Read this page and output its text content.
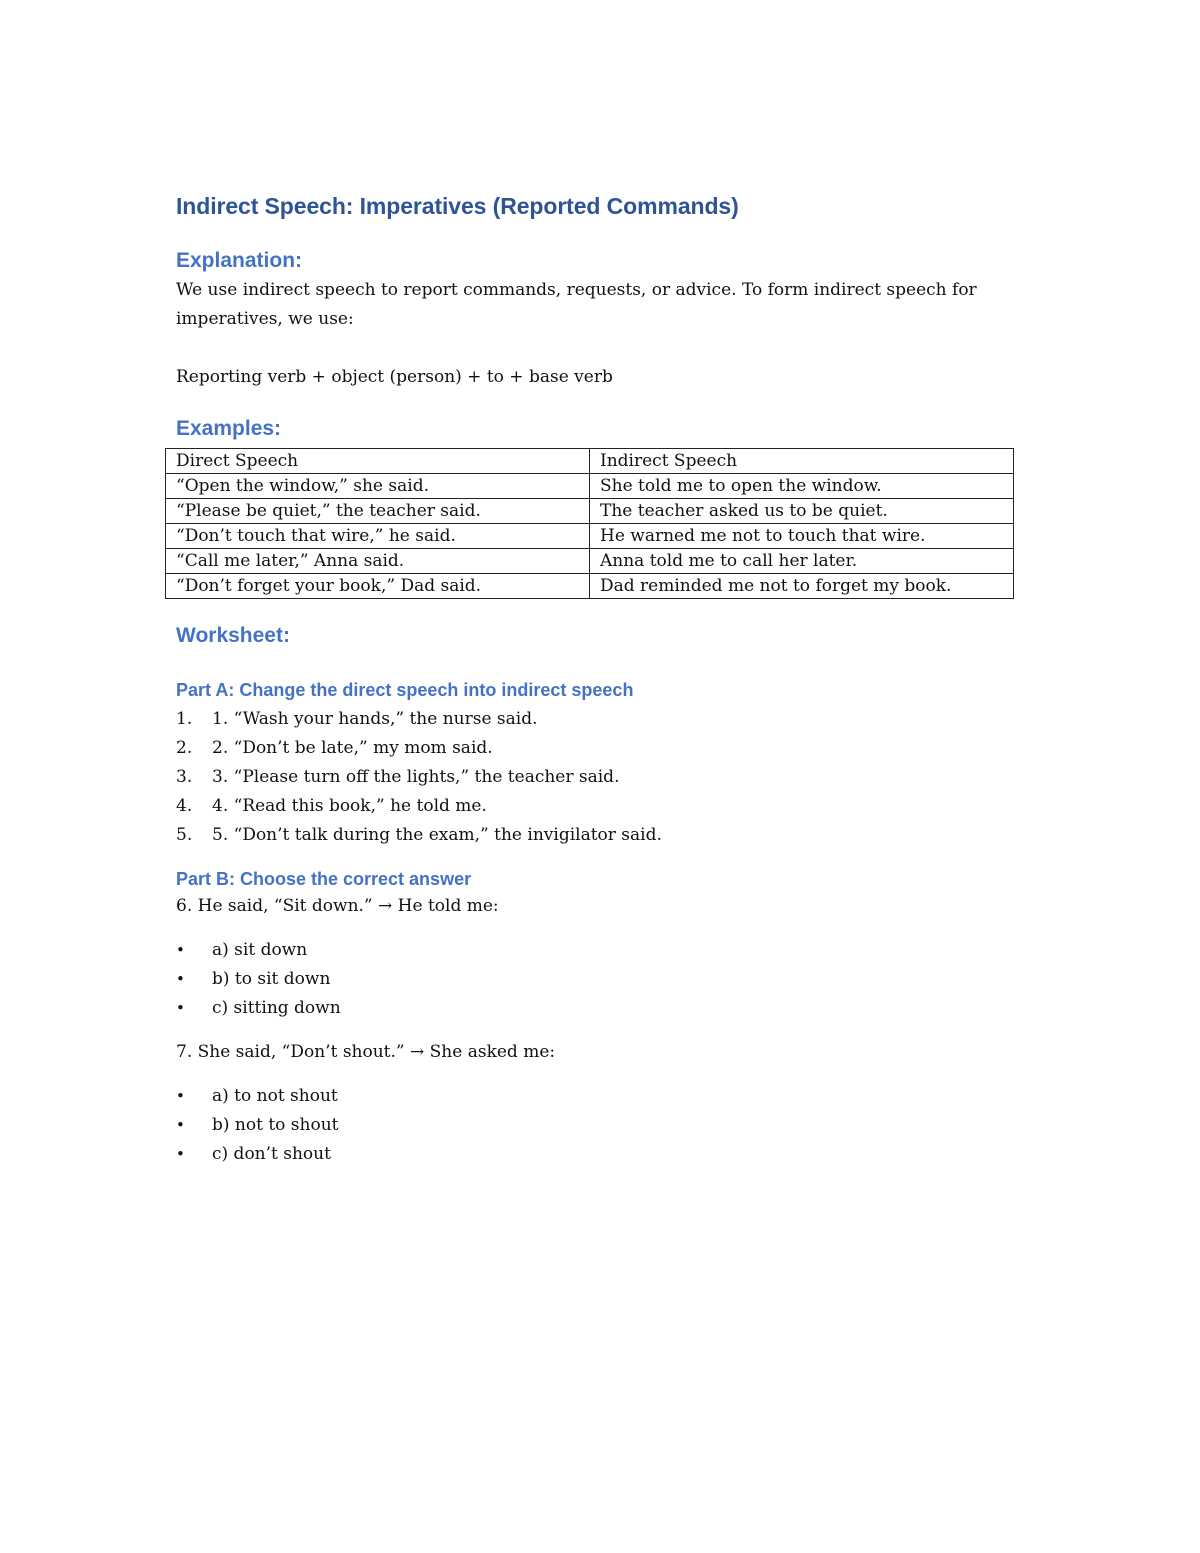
Indirect Speech: Imperatives (Reported Commands)
Explanation:

We use indirect speech to report commands, requests, or advice. To form indirect speech for imperatives, we use:

Reporting verb + object (person) + to + base verb

Examples:
Direct Speech	Indirect Speech
“Open the window,” she said.	She told me to open the window.
“Please be quiet,” the teacher said.	The teacher asked us to be quiet.
“Don’t touch that wire,” he said.	He warned me not to touch that wire.
“Call me later,” Anna said.	Anna told me to call her later.
“Don’t forget your book,” Dad said.	Dad reminded me not to forget my book.
Worksheet:
Part A: Change the direct speech into indirect speech
1. 1. “Wash your hands,” the nurse said.
2. 2. “Don’t be late,” my mom said.
3. 3. “Please turn off the lights,” the teacher said.
4. 4. “Read this book,” he told me.
5. 5. “Don’t talk during the exam,” the invigilator said.
Part B: Choose the correct answer

6. He said, “Sit down.” → He told me:

• a) sit down
• b) to sit down
• c) sitting down

7. She said, “Don’t shout.” → She asked me:

• a) to not shout
• b) not to shout
• c) don’t shout
